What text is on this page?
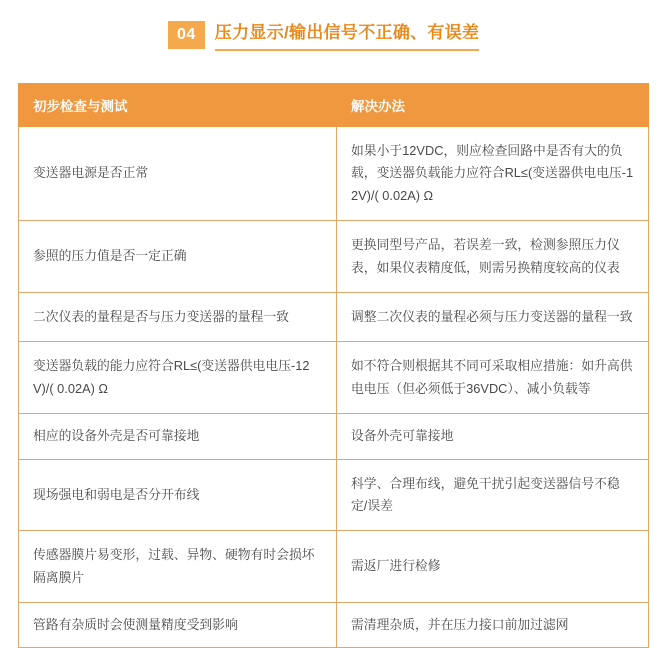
04	压力显示/输出信号不正确、有误差
初步检查与测试	解决办法
变送器电源是否正常	如果小于12VDC，则应检查回路中是否有大的负载，变送器负载能力应符合RL≤(变送器供电电压-12V)/( 0.02A) Ω
参照的压力值是否一定正确	更换同型号产品，若误差一致，检测参照压力仪表，如果仪表精度低，则需另换精度较高的仪表
二次仪表的量程是否与压力变送器的量程一致	调整二次仪表的量程必须与压力变送器的量程一致
变送器负载的能力应符合RL≤(变送器供电电压-12V)/( 0.02A) Ω	如不符合则根据其不同可采取相应措施：如升高供电电压（但必须低于36VDC）、减小负载等
相应的设备外壳是否可靠接地	设备外壳可靠接地
现场强电和弱电是否分开布线	科学、合理布线，避免干扰引起变送器信号不稳定/误差
传感器膜片易变形，过载、异物、硬物有时会损坏隔离膜片	需返厂进行检修
管路有杂质时会使测量精度受到影响	需清理杂质，并在压力接口前加过滤网
